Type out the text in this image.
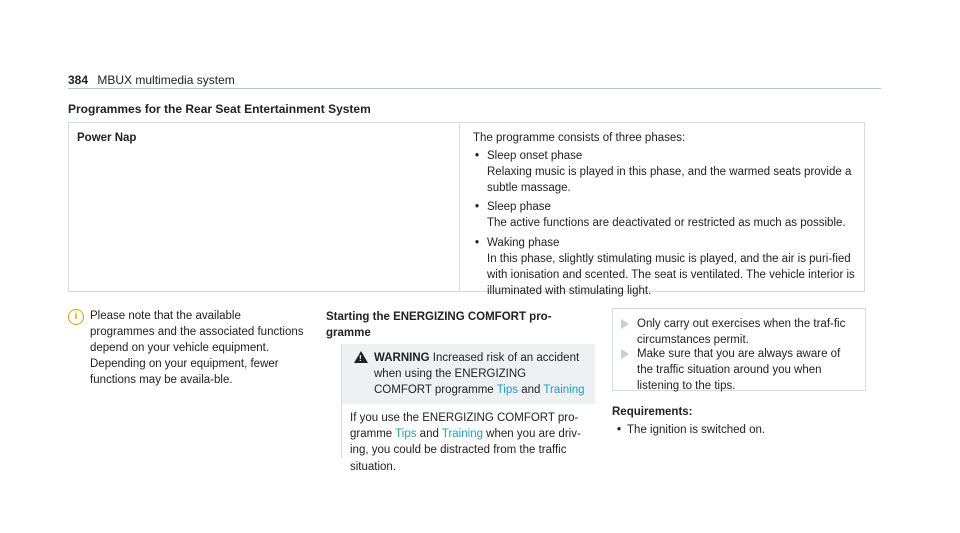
384 MBUX multimedia system
Programmes for the Rear Seat Entertainment System
Power Nap	The programme consists of three phases:
• Sleep onset phase
Relaxing music is played in this phase, and the warmed seats provide a subtle massage.
• Sleep phase
The active functions are deactivated or restricted as much as possible.
• Waking phase
In this phase, slightly stimulating music is played, and the air is puri-fied with ionisation and scented. The seat is ventilated. The vehicle interior is illuminated with stimulating light.
i	Please note that the available programmes and the associated functions depend on your vehicle equipment. Depending on your equipment, fewer functions may be availa-ble.
Starting the ENERGIZING COMFORT pro-gramme
! WARNING Increased risk of an accident when using the ENERGIZING COMFORT programme Tips and Training
If you use the ENERGIZING COMFORT pro-gramme Tips and Training when you are driv-ing, you could be distracted from the traffic situation.
Only carry out exercises when the traf-fic circumstances permit.
Make sure that you are always aware of the traffic situation around you when listening to the tips.
Requirements:
• The ignition is switched on.
